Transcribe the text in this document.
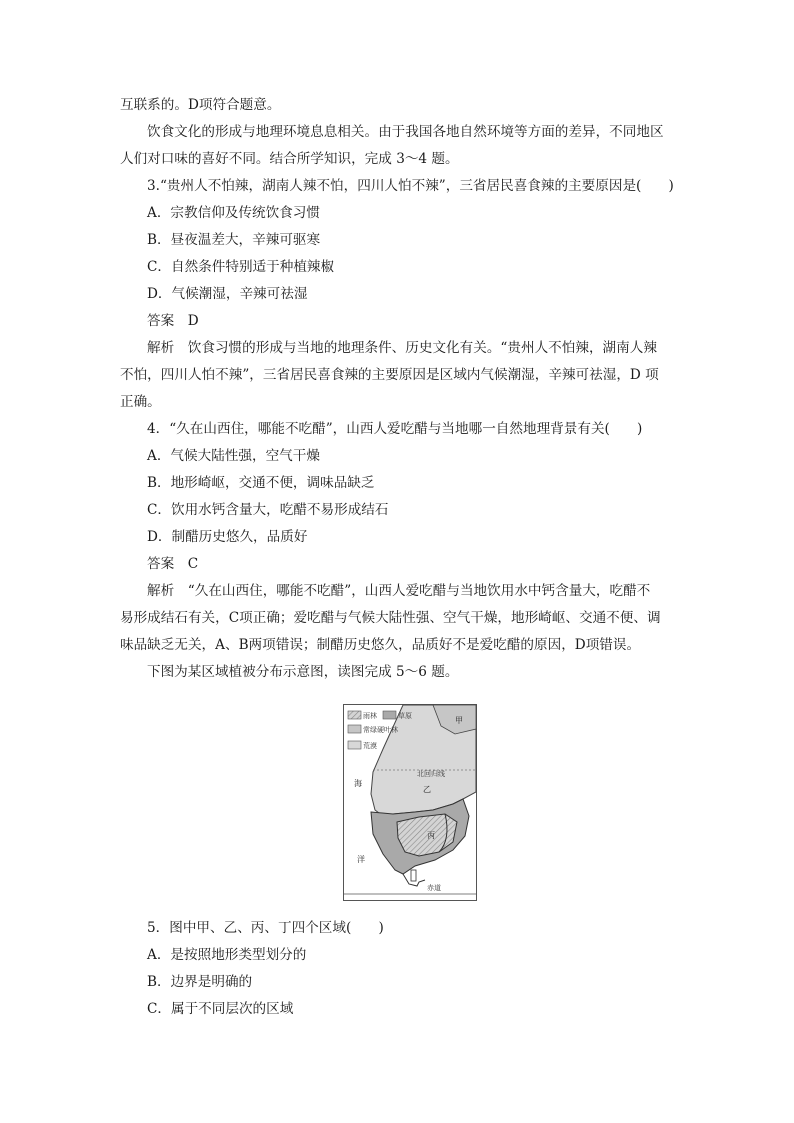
互联系的。D项符合题意。
饮食文化的形成与地理环境息息相关。由于我国各地自然环境等方面的差异，不同地区
人们对口味的喜好不同。结合所学知识，完成 3～4 题。
3.“贵州人不怕辣，湖南人辣不怕，四川人怕不辣”，三省居民喜食辣的主要原因是(　　)
A．宗教信仰及传统饮食习惯
B．昼夜温差大，辛辣可驱寒
C．自然条件特别适于种植辣椒
D．气候潮湿，辛辣可祛湿
答案　D
解析　饮食习惯的形成与当地的地理条件、历史文化有关。“贵州人不怕辣，湖南人辣
不怕，四川人怕不辣”，三省居民喜食辣的主要原因是区域内气候潮湿，辛辣可祛湿，D 项
正确。
4．“久在山西住，哪能不吃醋”，山西人爱吃醋与当地哪一自然地理背景有关(　　)
A．气候大陆性强，空气干燥
B．地形崎岖，交通不便，调味品缺乏
C．饮用水钙含量大，吃醋不易形成结石
D．制醋历史悠久，品质好
答案　C
解析　“久在山西住，哪能不吃醋”，山西人爱吃醋与当地饮用水中钙含量大，吃醋不
易形成结石有关，C项正确；爱吃醋与气候大陆性强、空气干燥，地形崎岖、交通不便、调
味品缺乏无关，A、B两项错误；制醋历史悠久，品质好不是爱吃醋的原因，D项错误。
下图为某区域植被分布示意图，读图完成 5～6 题。
雨林	草原
常绿硬叶林
荒漠
甲
乙
丙
北回归线
赤道
海
洋
5．图中甲、乙、丙、丁四个区域(　　)
A．是按照地形类型划分的
B．边界是明确的
C．属于不同层次的区域
